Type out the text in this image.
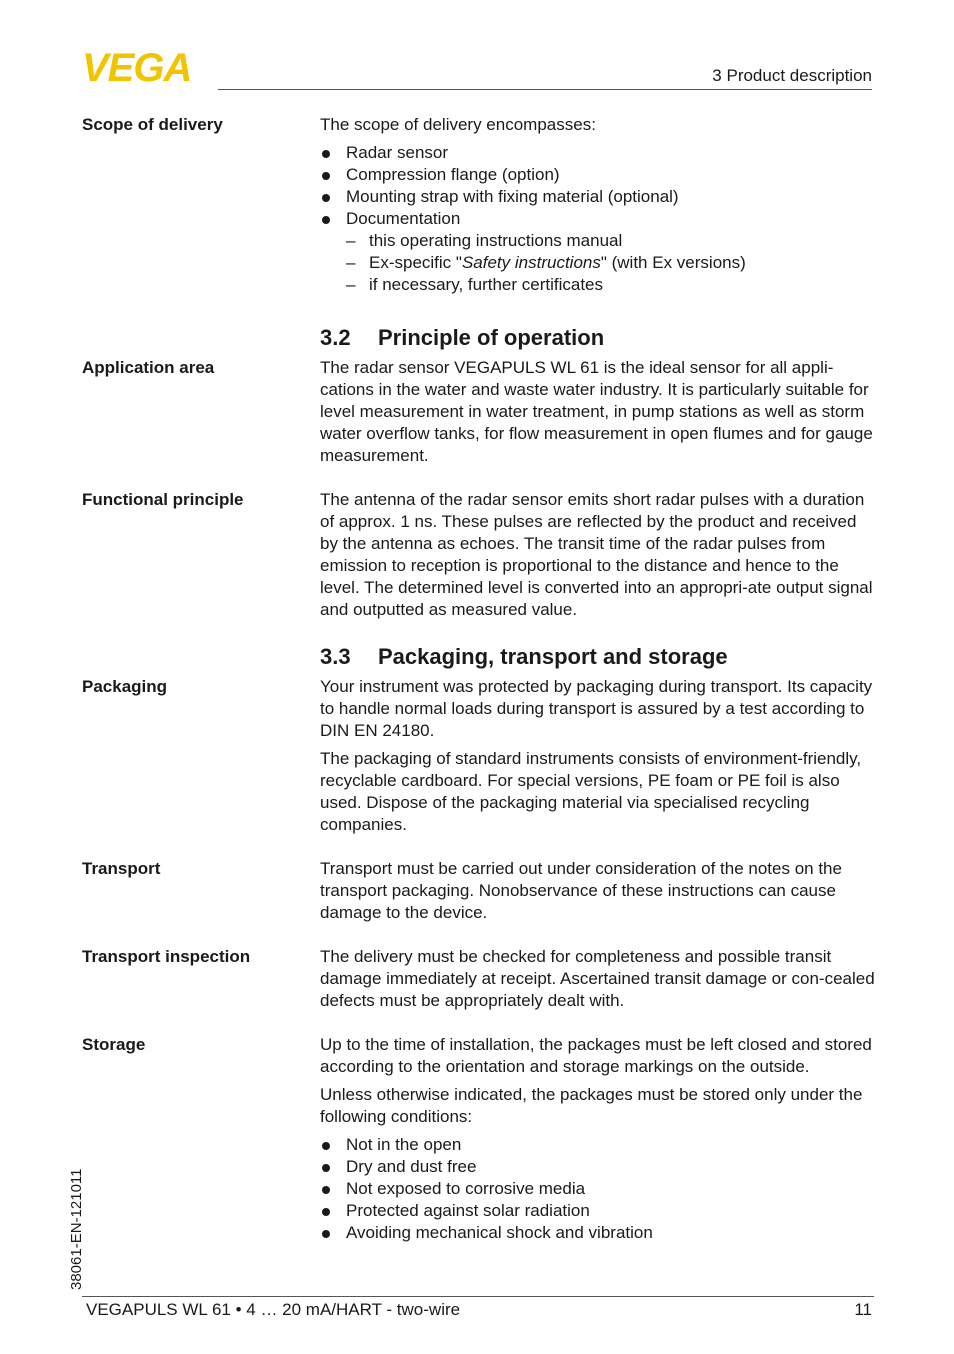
VEGA	3 Product description
Scope of delivery	The scope of delivery encompasses:

Radar sensor
Compression flange (option)
Mounting strap with fixing material (optional)
Documentation
– this operating instructions manual
– Ex-specific "Safety instructions" (with Ex versions)
– if necessary, further certificates
3.2 Principle of operation
Application area	The radar sensor VEGAPULS WL 61 is the ideal sensor for all appli-cations in the water and waste water industry. It is particularly suitable for level measurement in water treatment, in pump stations as well as storm water overflow tanks, for flow measurement in open flumes and for gauge measurement.

Functional principle	The antenna of the radar sensor emits short radar pulses with a duration of approx. 1 ns. These pulses are reflected by the product and received by the antenna as echoes. The transit time of the radar pulses from emission to reception is proportional to the distance and hence to the level. The determined level is converted into an appropri-ate output signal and outputted as measured value.

3.3 Packaging, transport and storage
Packaging	Your instrument was protected by packaging during transport. Its capacity to handle normal loads during transport is assured by a test according to DIN EN 24180.

The packaging of standard instruments consists of environment-friendly, recyclable cardboard. For special versions, PE foam or PE foil is also used. Dispose of the packaging material via specialised recycling companies.

Transport	Transport must be carried out under consideration of the notes on the transport packaging. Nonobservance of these instructions can cause damage to the device.

Transport inspection	The delivery must be checked for completeness and possible transit damage immediately at receipt. Ascertained transit damage or con-cealed defects must be appropriately dealt with.

Storage	Up to the time of installation, the packages must be left closed and stored according to the orientation and storage markings on the outside.

Unless otherwise indicated, the packages must be stored only under the following conditions:

Not in the open
Dry and dust free
Not exposed to corrosive media
Protected against solar radiation
Avoiding mechanical shock and vibration
38061-EN-121011
VEGAPULS WL 61 • 4 … 20 mA/HART - two-wire	11
